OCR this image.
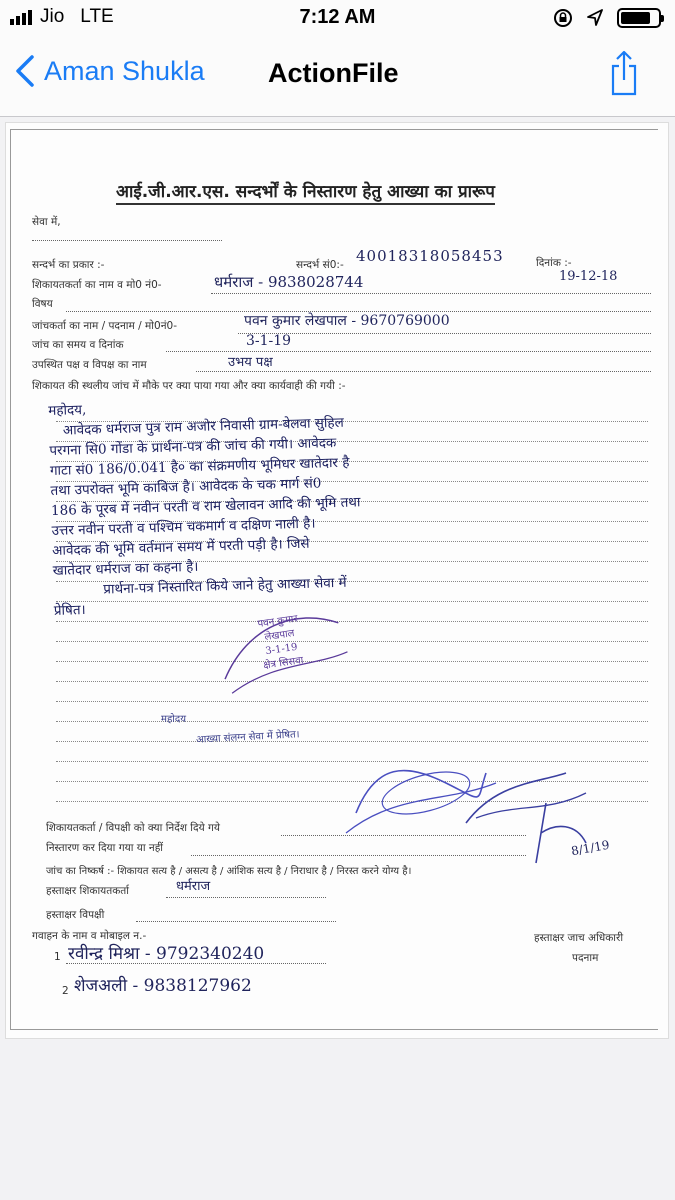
Jio LTE	7:12 AM
Aman Shukla ActionFile
आई.जी.आर.एस. सन्दर्भों के निस्तारण हेतु आख्या का प्रारूप
सेवा में,
सन्दर्भ का प्रकार :-	सन्दर्भ सं0:- 40018318058453	दिनांक :-
19-12-18
शिकायतकर्ता का नाम व मो0 नं0-	धर्मराज - 9838028744
विषय
जांचकर्ता का नाम / पदनाम / मो0नं0-	पवन कुमार लेखपाल - 9670769000
जांच का समय व दिनांक	3-1-19
उपस्थित पक्ष व विपक्ष का नाम	उभय पक्ष
शिकायत की स्थलीय जांच में मौके पर क्या पाया गया और क्या कार्यवाही की गयी :-
महोदय,
आवेदक धर्मराज पुत्र राम अजोर निवासी ग्राम-बेलवा सुहिल
परगना सि0 गोंडा के प्रार्थना-पत्र की जांच की गयी। आवेदक
गाटा सं0 186/0.041 है० का संक्रमणीय भूमिधर खातेदार है
तथा उपरोक्त भूमि काबिज है। आवेदक के चक मार्ग सं0
186 के पूरब में नवीन परती व राम खेलावन आदि की भूमि तथा
उत्तर नवीन परती व पश्चिम चकमार्ग व दक्षिण नाली है।
आवेदक की भूमि वर्तमान समय में परती पड़ी है। जिसे
खातेदार धर्मराज का कहना है।
प्रार्थना-पत्र निस्तारित किये जाने हेतु आख्या सेवा में
प्रेषित।
पवन कुमार
लेखपाल
3-1-19
क्षेत्र सिसवा
महोदय
आख्या संलग्न सेवा में प्रेषित।
8/1/19
शिकायतकर्ता / विपक्षी को क्या निर्देश दिये गये
निस्तारण कर दिया गया या नहीं
जांच का निष्कर्ष :- शिकायत सत्य है / असत्य है / आंशिक सत्य है / निराधार है / निरस्त करने योग्य है।
हस्ताक्षर शिकायतकर्ता	धर्मराज
हस्ताक्षर विपक्षी
गवाहन के नाम व मोबाइल न.-	हस्ताक्षर जाच अधिकारी
पदनाम
1 रवीन्द्र मिश्रा - 9792340240
2 शेजअली - 9838127962
